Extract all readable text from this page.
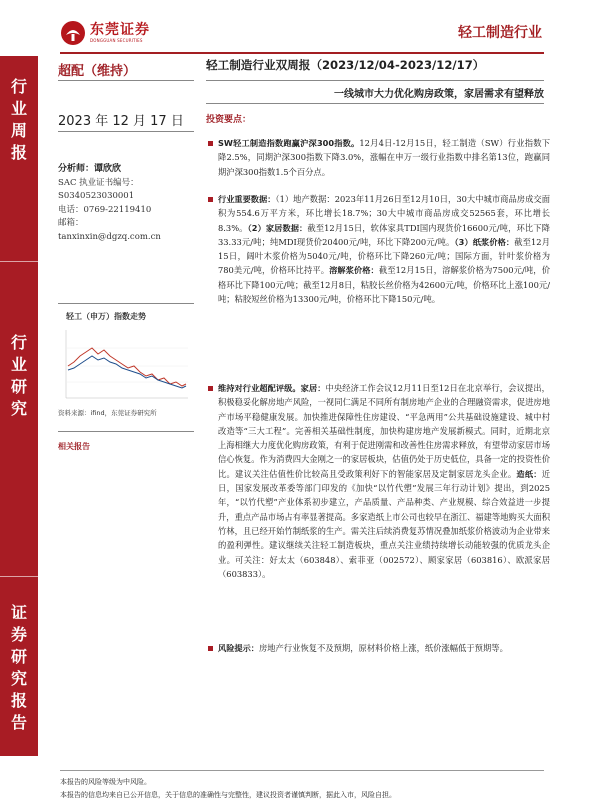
东莞证券
DONGGUAN SECURITIES	轻工制造行业
行
业
周
报
行
业
研
究
证
券
研
究
报
告
超配（维持）
2023 年 12 月 17 日
分析师：谭欣欣
SAC 执业证书编号：
S0340523030001
电话：0769-22119410
邮箱：
tanxinxin@dgzq.com.cn
轻工（申万）指数走势
资料来源：ifind，东莞证券研究所
相关报告
轻工制造行业双周报（2023/12/04-2023/12/17）
一线城市大力优化购房政策，家居需求有望释放
投资要点：
SW轻工制造指数跑赢沪深300指数。12月4日-12月15日，轻工制造（SW）行业指数下降2.5%，同期沪深300指数下降3.0%，涨幅在申万一级行业指数中排名第13位，跑赢同期沪深300指数1.5个百分点。
行业重要数据：（1）地产数据：2023年11月26日至12月10日，30大中城市商品房成交面积为554.6万平方米，环比增长18.7%；30大中城市商品房成交52565套，环比增长8.3%。（2）家居数据：截至12月15日，软体家具TDI国内现货价16600元/吨，环比下降33.33元/吨；纯MDI现货价20400元/吨，环比下降200元/吨。（3）纸浆价格：截至12月15日，阔叶木浆价格为5040元/吨，价格环比下降260元/吨；国际方面，针叶浆价格为780美元/吨，价格环比持平。溶解浆价格：截至12月15日，溶解浆价格为7500元/吨，价格环比下降100元/吨；截至12月8日，粘胶长丝价格为42600元/吨，价格环比上涨100元/吨；粘胶短丝价格为13300元/吨，价格环比下降150元/吨。
维持对行业超配评级。家居：中央经济工作会议12月11日至12日在北京举行，会议提出，积极稳妥化解房地产风险，一视同仁满足不同所有制房地产企业的合理融资需求，促进房地产市场平稳健康发展。加快推进保障性住房建设、“平急两用”公共基础设施建设、城中村改造等“三大工程”。完善相关基础性制度，加快构建房地产发展新模式。同时，近期北京上海相继大力度优化购房政策，有利于促进刚需和改善性住房需求释放，有望带动家居市场信心恢复。作为消费四大金刚之一的家居板块，估值仍处于历史低位，具备一定的投资性价比。建议关注估值性价比较高且受政策利好下的智能家居及定制家居龙头企业。造纸：近日，国家发展改革委等部门印发的《加快“以竹代塑”发展三年行动计划》提出，到2025年，“以竹代塑”产业体系初步建立，产品质量、产品种类、产业规模、综合效益进一步提升，重点产品市场占有率显著提高。多家造纸上市公司也较早在浙江、福建等地购买大面积竹林，且已经开始竹制纸浆的生产。需关注后续消费复苏情况叠加纸浆价格波动为企业带来的盈利弹性。建议继续关注轻工制造板块，重点关注业绩持续增长动能较强的优质龙头企业。可关注：好太太（603848）、索菲亚（002572）、顾家家居（603816）、欧派家居（603833）。
风险提示：房地产行业恢复不及预期，原材料价格上涨，纸价涨幅低于预期等。
本报告的风险等级为中风险。
本报告的信息均来自已公开信息，关于信息的准确性与完整性，建议投资者谨慎判断，据此入市，风险自担。
